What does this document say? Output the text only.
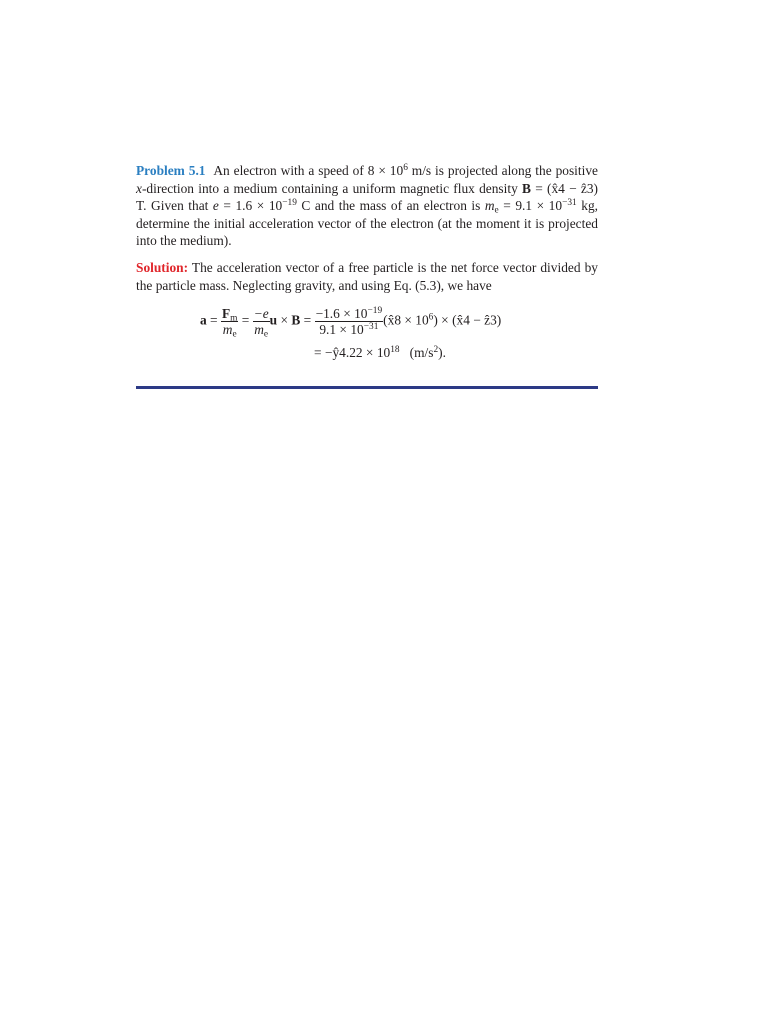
Problem 5.1 An electron with a speed of $8 \times 10^6$ m/s is projected along the positive x-direction into a medium containing a uniform magnetic flux density B = (x̂4 − ẑ3) T. Given that $e = 1.6 \times 10^{-19}$ C and the mass of an electron is $m_e = 9.1 \times 10^{-31}$ kg, determine the initial acceleration vector of the electron (at the moment it is projected into the medium).
Solution: The acceleration vector of a free particle is the net force vector divided by the particle mass. Neglecting gravity, and using Eq. (5.3), we have
$a = \frac{F_m}{m_e} = \frac{-e}{m_e}$ $u \times B = \frac{-1.6 \times 10^{-19}}{9.1 \times 10^{-31}}$ (x̂8 × $10^6$) × (x̂4 − ẑ3)
= −ŷ4.22 × $10^{18}$   $(m/s^2)$.
